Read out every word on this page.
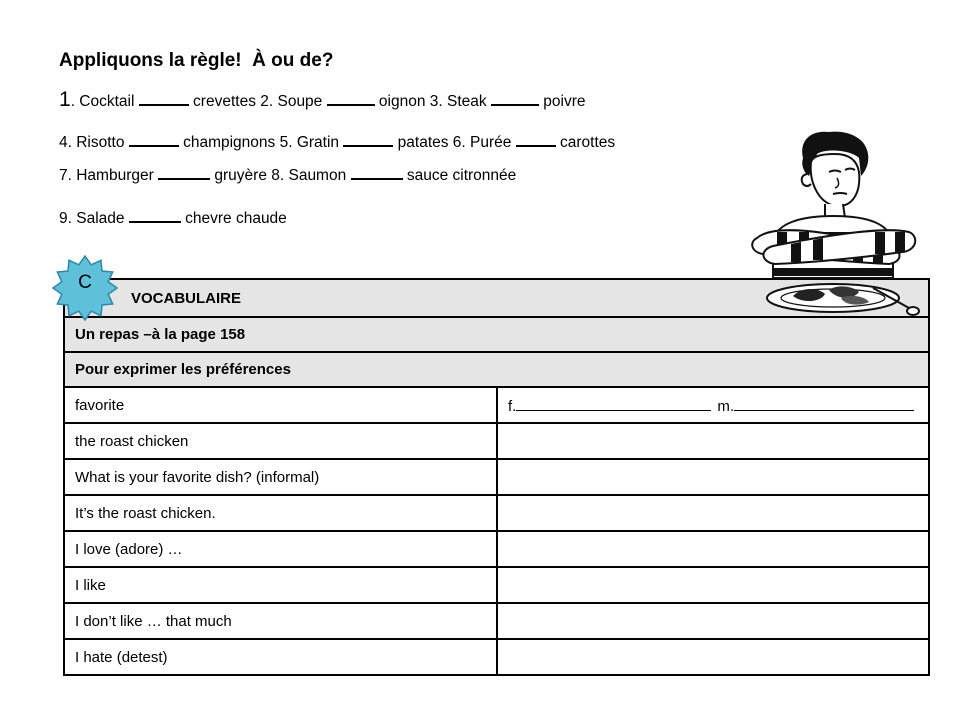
Appliquons la règle!  À ou de?
1. Cocktail	crevettes 2. Soupe	oignon 3. Steak	poivre
4. Risotto	champignons 5. Gratin	patates 6. Purée	carottes
7. Hamburger	gruyère 8. Saumon	sauce citronnée
9. Salade	chevre chaude
VOCABULAIRE	
Un repas –à la page 158	
Pour exprimer les préférences	
favorite	f. m.
the roast chicken	
What is your favorite dish? (informal)	
It’s the roast chicken.	
I love (adore) …	
I like	
I don’t like … that much	
I hate (detest)	
C
